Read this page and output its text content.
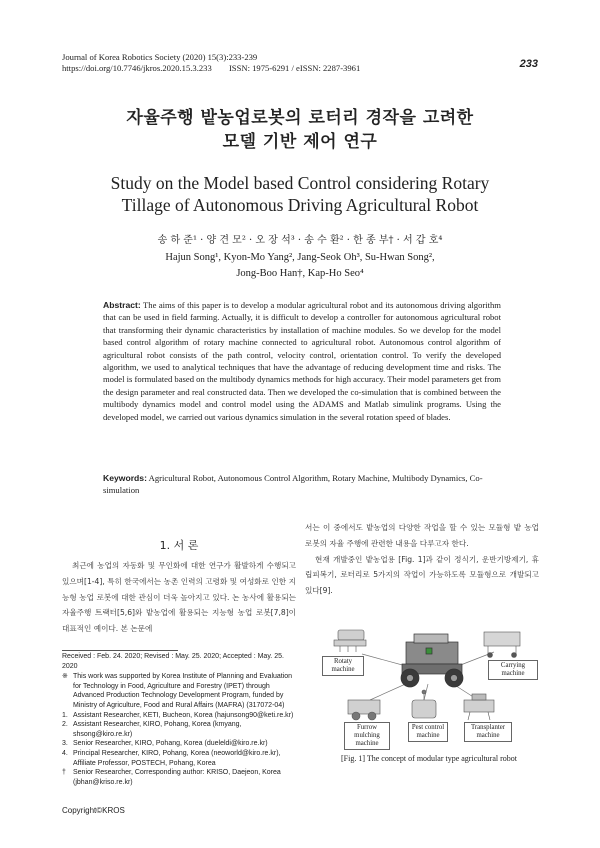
Journal of Korea Robotics Society (2020) 15(3):233-239
https://doi.org/10.7746/jkros.2020.15.3.233        ISSN: 1975-6291 / eISSN: 2287-3961	233
자율주행 밭농업로봇의 로터리 경작을 고려한
모델 기반 제어 연구
Study on the Model based Control considering Rotary
Tillage of Autonomous Driving Agricultural Robot
송 하 준¹ · 양 견 모² · 오 장 석³ · 송 수 환² · 한 종 부† · 서 갑 호⁴
Hajun Song¹, Kyon-Mo Yang², Jang-Seok Oh³, Su-Hwan Song²,
Jong-Boo Han†, Kap-Ho Seo⁴
Abstract: The aims of this paper is to develop a modular agricultural robot and its autonomous driving algorithm that can be used in field farming. Actually, it is difficult to develop a controller for autonomous agricultural robot that transforming their dynamic characteristics by installation of machine modules. So we develop for the model based control algorithm of rotary machine connected to agricultural robot. Autonomous control algorithm of agricultural robot consists of the path control, velocity control, orientation control. To verify the developed algorithm, we used to analytical techniques that have the advantage of reducing development time and risks. The model is formulated based on the multibody dynamics methods for high accuracy. Their model parameters get from the design parameter and real constructed data. Then we developed the co-simulation that is combined between the multibody dynamics model and control model using the ADAMS and Matlab simulink programs. Using the developed model, we carried out various dynamics simulation in the several rotation speed of blades.
Keywords: Agricultural Robot, Autonomous Control Algorithm, Rotary Machine, Multibody Dynamics, Co-simulation
1. 서 론
최근에 농업의 자동화 및 무인화에 대한 연구가 활발하게 수행되고 있으며[1-4], 특히 한국에서는 농촌 인력의 고령화 및 여성화로 인한 지능형 농업 로봇에 대한 관심이 더욱 높아지고 있다. 논 농사에 활용되는 자율주행 트랙터[5,6]와 밭농업에 활용되는 지능형 농업 로봇[7,8]이 대표적인 예이다. 본 논문에
서는 이 중에서도 밭농업의 다양한 작업을 할 수 있는 모듈형 밭 농업 로봇의 자율 주행에 관련한 내용을 다루고자 한다.
현재 개발중인 밭농업용 [Fig. 1]과 같이 정식기, 운반기방제기, 휴립피복기, 로터리로 5가지의 작업이 가능하도록 모듈형으로 개발되고 있다[9].
Received : Feb. 24. 2020; Revised : May. 25. 2020; Accepted : May. 25. 2020
※ This work was supported by Korea Institute of Planning and Evaluation for Technology in Food, Agriculture and Forestry (IPET) through Advanced Production Technology Development Program, funded by Ministry of Agriculture, Food and Rural Affairs (MAFRA) (317072-04)
1. Assistant Researcher, KETI, Bucheon, Korea (hajunsong90@keti.re.kr)
2. Assistant Researcher, KIRO, Pohang, Korea (kmyang, shsong@kiro.re.kr)
3. Senior Researcher, KIRO, Pohang, Korea (dueleldi@kiro.re.kr)
4. Principal Researcher, KIRO, Pohang, Korea (neoworld@kiro.re.kr), Affiliate Professor, POSTECH, Pohang, Korea
†	Senior Researcher, Corresponding author: KRISO, Daejeon, Korea (jbhan@kriso.re.kr)
Copyright©KROS
Rotaty machine
Carrying machine
Furrow mulching machine
Pest control machine
Transplanter machine
[Fig. 1] The concept of modular type agricultural robot
